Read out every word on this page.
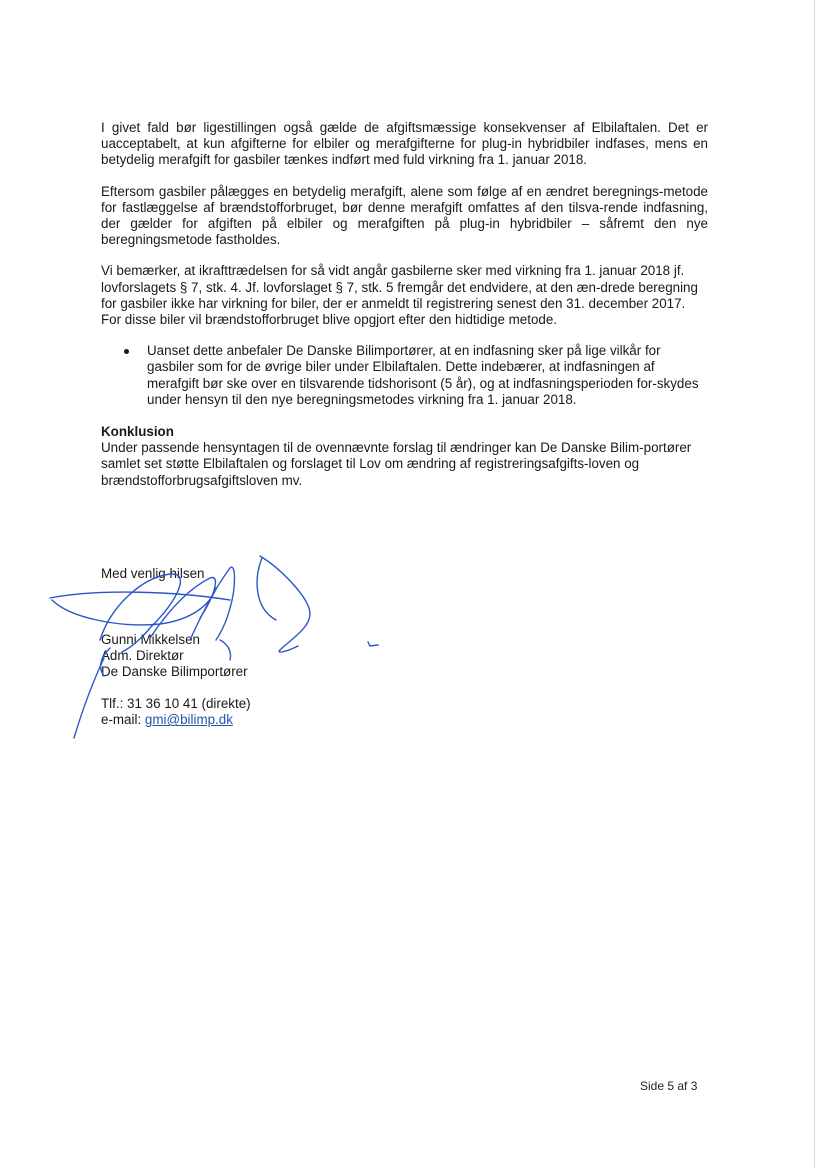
I givet fald bør ligestillingen også gælde de afgiftsmæssige konsekvenser af Elbilaftalen. Det er uacceptabelt, at kun afgifterne for elbiler og merafgifterne for plug-in hybridbiler indfases, mens en betydelig merafgift for gasbiler tænkes indført med fuld virkning fra 1. januar 2018.

Eftersom gasbiler pålægges en betydelig merafgift, alene som følge af en ændret beregnings-metode for fastlæggelse af brændstofforbruget, bør denne merafgift omfattes af den tilsva-rende indfasning, der gælder for afgiften på elbiler og merafgiften på plug-in hybridbiler – såfremt den nye beregningsmetode fastholdes.

Vi bemærker, at ikrafttrædelsen for så vidt angår gasbilerne sker med virkning fra 1. januar 2018 jf. lovforslagets § 7, stk. 4. Jf. lovforslaget § 7, stk. 5 fremgår det endvidere, at den æn-drede beregning for gasbiler ikke har virkning for biler, der er anmeldt til registrering senest den 31. december 2017. For disse biler vil brændstofforbruget blive opgjort efter den hidtidige metode.

Uanset dette anbefaler De Danske Bilimportører, at en indfasning sker på lige vilkår for gasbiler som for de øvrige biler under Elbilaftalen. Dette indebærer, at indfasningen af merafgift bør ske over en tilsvarende tidshorisont (5 år), og at indfasningsperioden for-skydes under hensyn til den nye beregningsmetodes virkning fra 1. januar 2018.

Konklusion

Under passende hensyntagen til de ovennævnte forslag til ændringer kan De Danske Bilim-portører samlet set støtte Elbilaftalen og forslaget til Lov om ændring af registreringsafgifts-loven og brændstofforbrugsafgiftsloven mv.

Med venlig hilsen
Gunni Mikkelsen
Adm. Direktør
De Danske Bilimportører
Tlf.: 31 36 10 41 (direkte)
e-mail: gmi@bilimp.dk
Side 5 af 3
